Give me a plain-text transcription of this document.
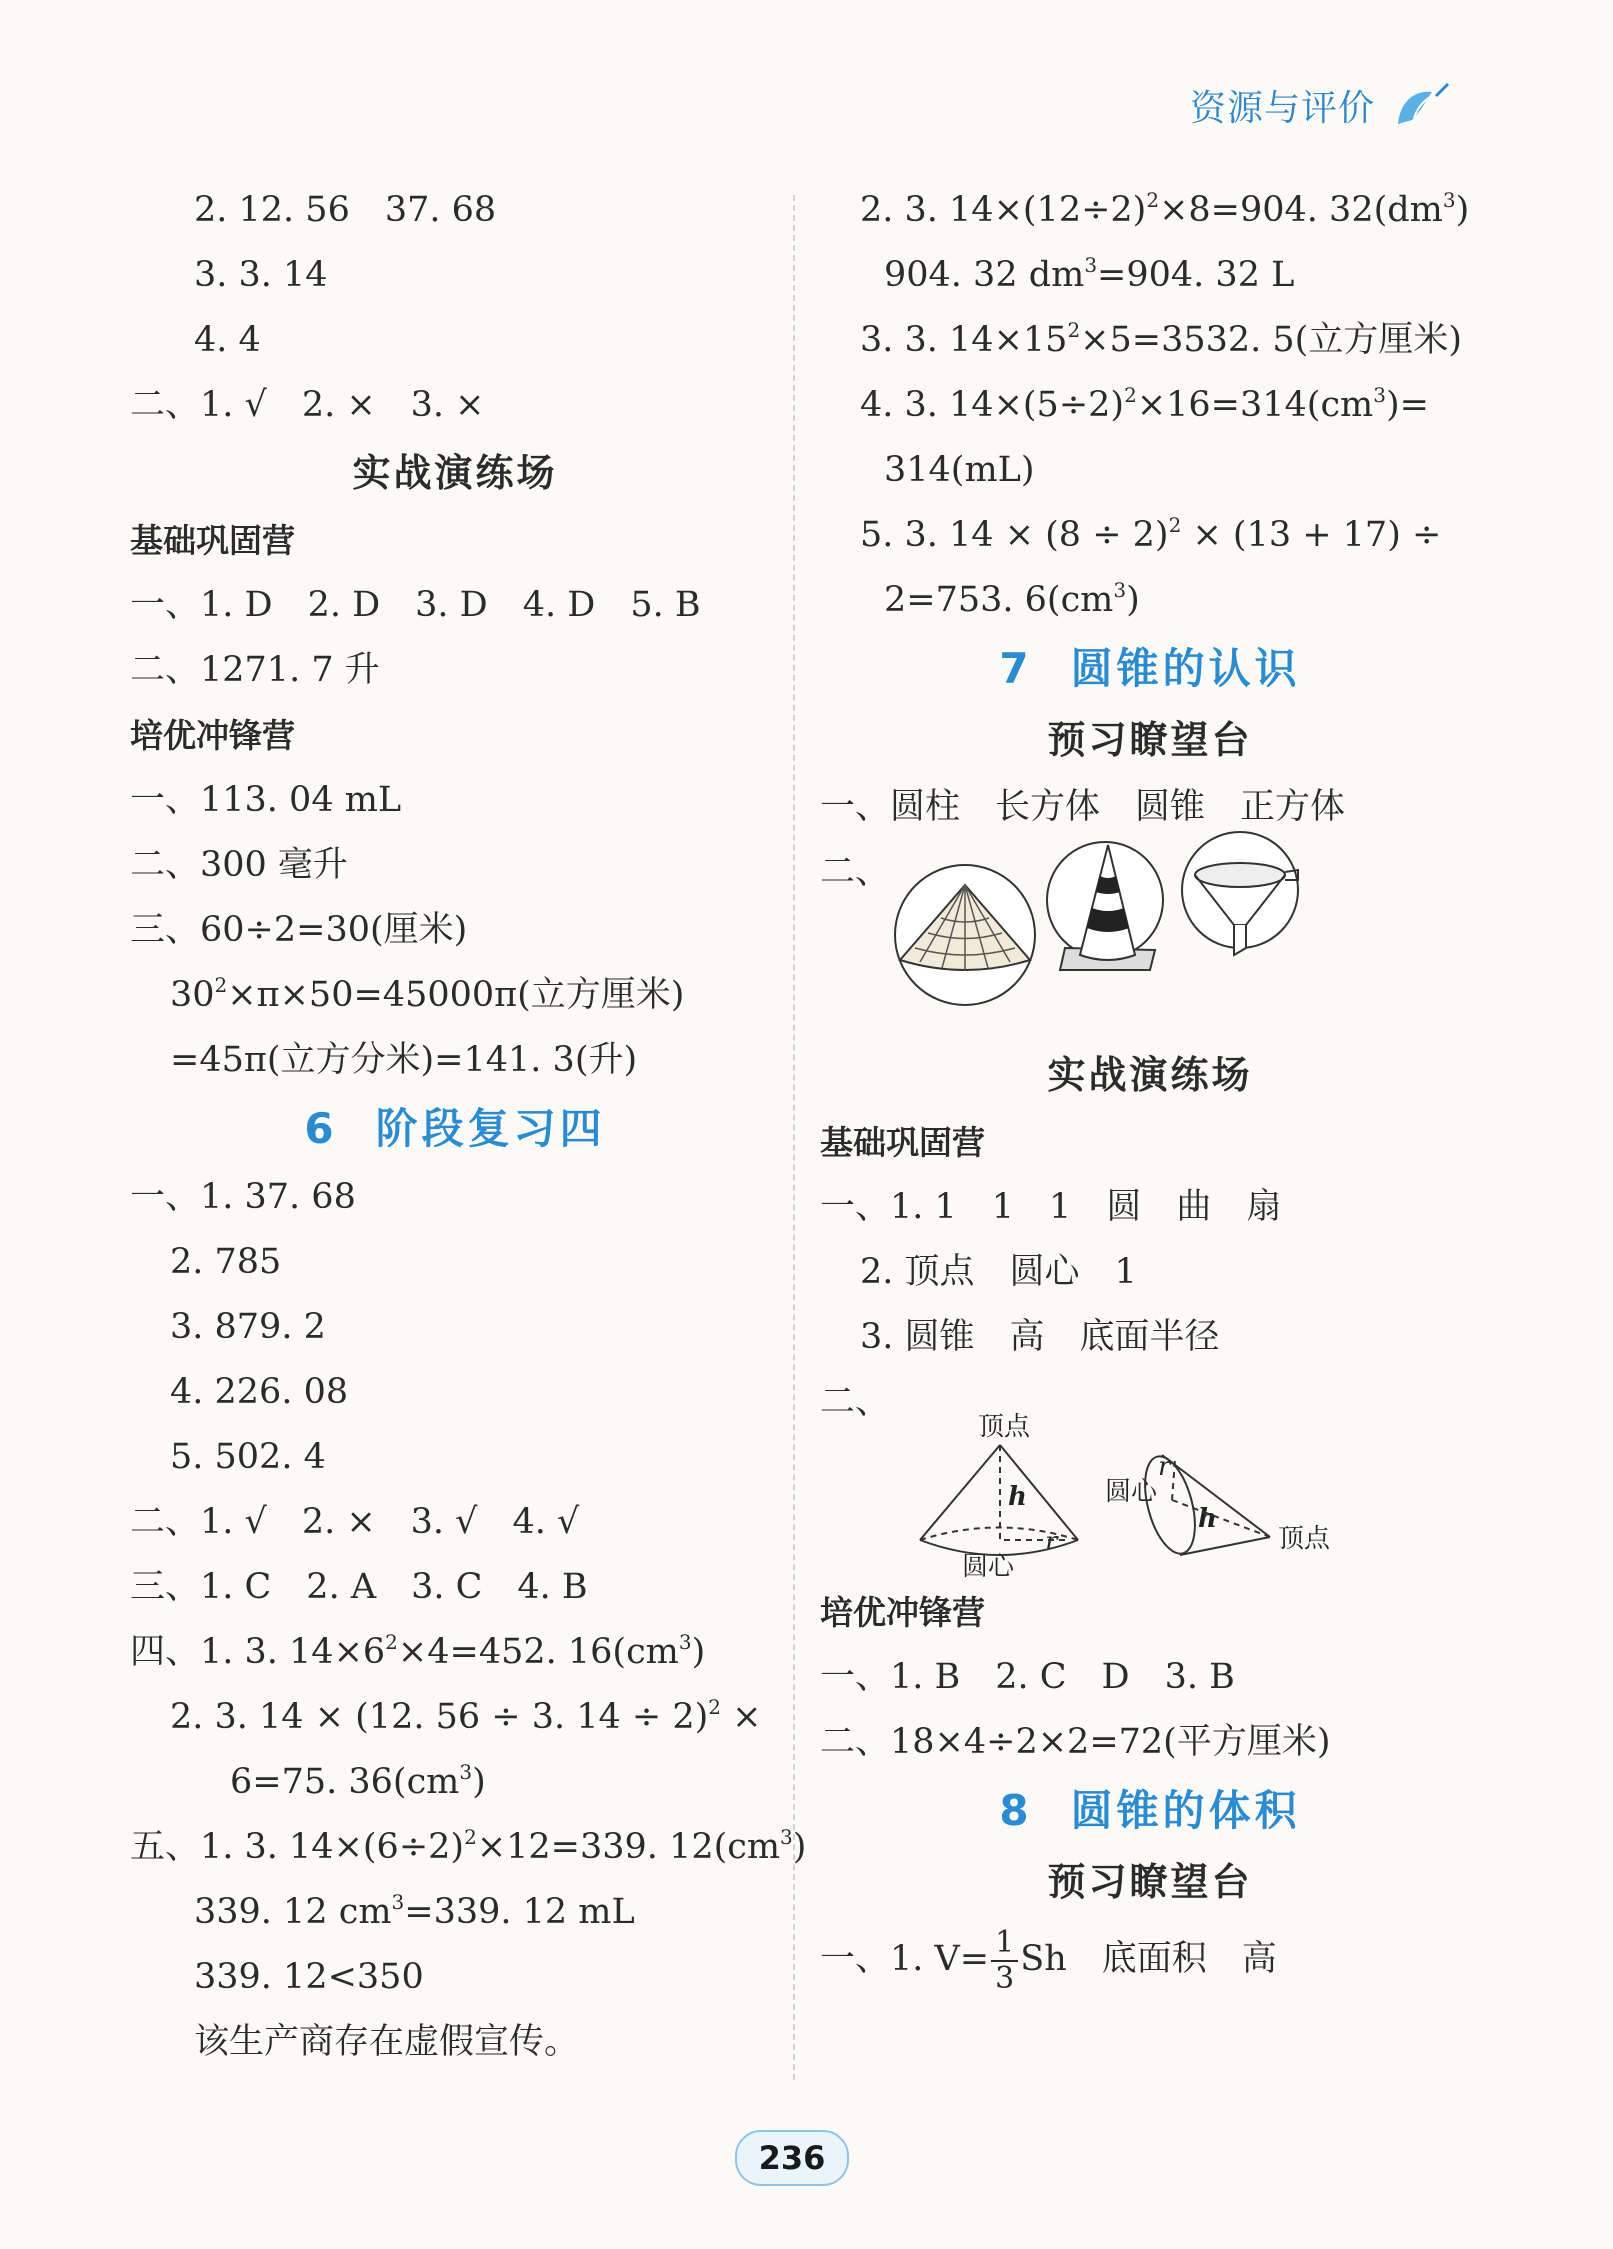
资源与评价
2. 12. 56　37. 68
3. 3. 14
4. 4
二、1. √　2. ×　3. ×
实战演练场
基础巩固营
一、1. D　2. D　3. D　4. D　5. B
二、1271. 7 升
培优冲锋营
一、113. 04 mL
二、300 毫升
三、60÷2=30(厘米)
$30^2\times\pi\times 50=45000\pi$(立方厘米)
=45π(立方分米)=141. 3(升)
6 阶段复习四
一、1. 37. 68
2. 785
3. 879. 2
4. 226. 08
5. 502. 4
二、1. √　2. ×　3. √　4. √
三、1. C　2. A　3. C　4. B
四、1. 3. $14\times 6^2\times 4=452$. $16(cm^3)$
2. 3. 14 × (12. 56 ÷ 3. 14 ÷ 2)$^2$ ×
6=75. $36(cm^3)$
五、1. 3. $14\times(6\div 2)^2\times 12=339$. $12(cm^3)$
339. 12 $cm^3=339$. 12 mL
339. 12<350
该生产商存在虚假宣传。
2. 3. $14\times(12\div 2)^2\times 8=904$. $32(dm^3)$
904. 32 $dm^3=904$. 32 L
3. 3. $14\times 15^2\times 5=3532$. 5(立方厘米)
4. 3. $14\times(5\div 2)^2\times 16=314(cm^3)=$
314(mL)
5. 3. $14 \times (8 \div 2)^2 \times (13 + 17)$ ÷
2=753. $6(cm^3)$
7 圆锥的认识
预习瞭望台
一、圆柱　长方体　圆锥　正方体
二、
实战演练场
基础巩固营
一、1. 1　1　1　圆　曲　扇
2. 顶点　圆心　1
3. 圆锥　高　底面半径
二、
顶点
h
圆心
r
圆心
r
h
顶点
培优冲锋营
一、1. B　2. C　D　3. B
二、18×4÷2×2=72(平方厘米)
8 圆锥的体积
预习瞭望台
一、1. $V= \frac{1}{3}$ Sh　底面积　高
236
